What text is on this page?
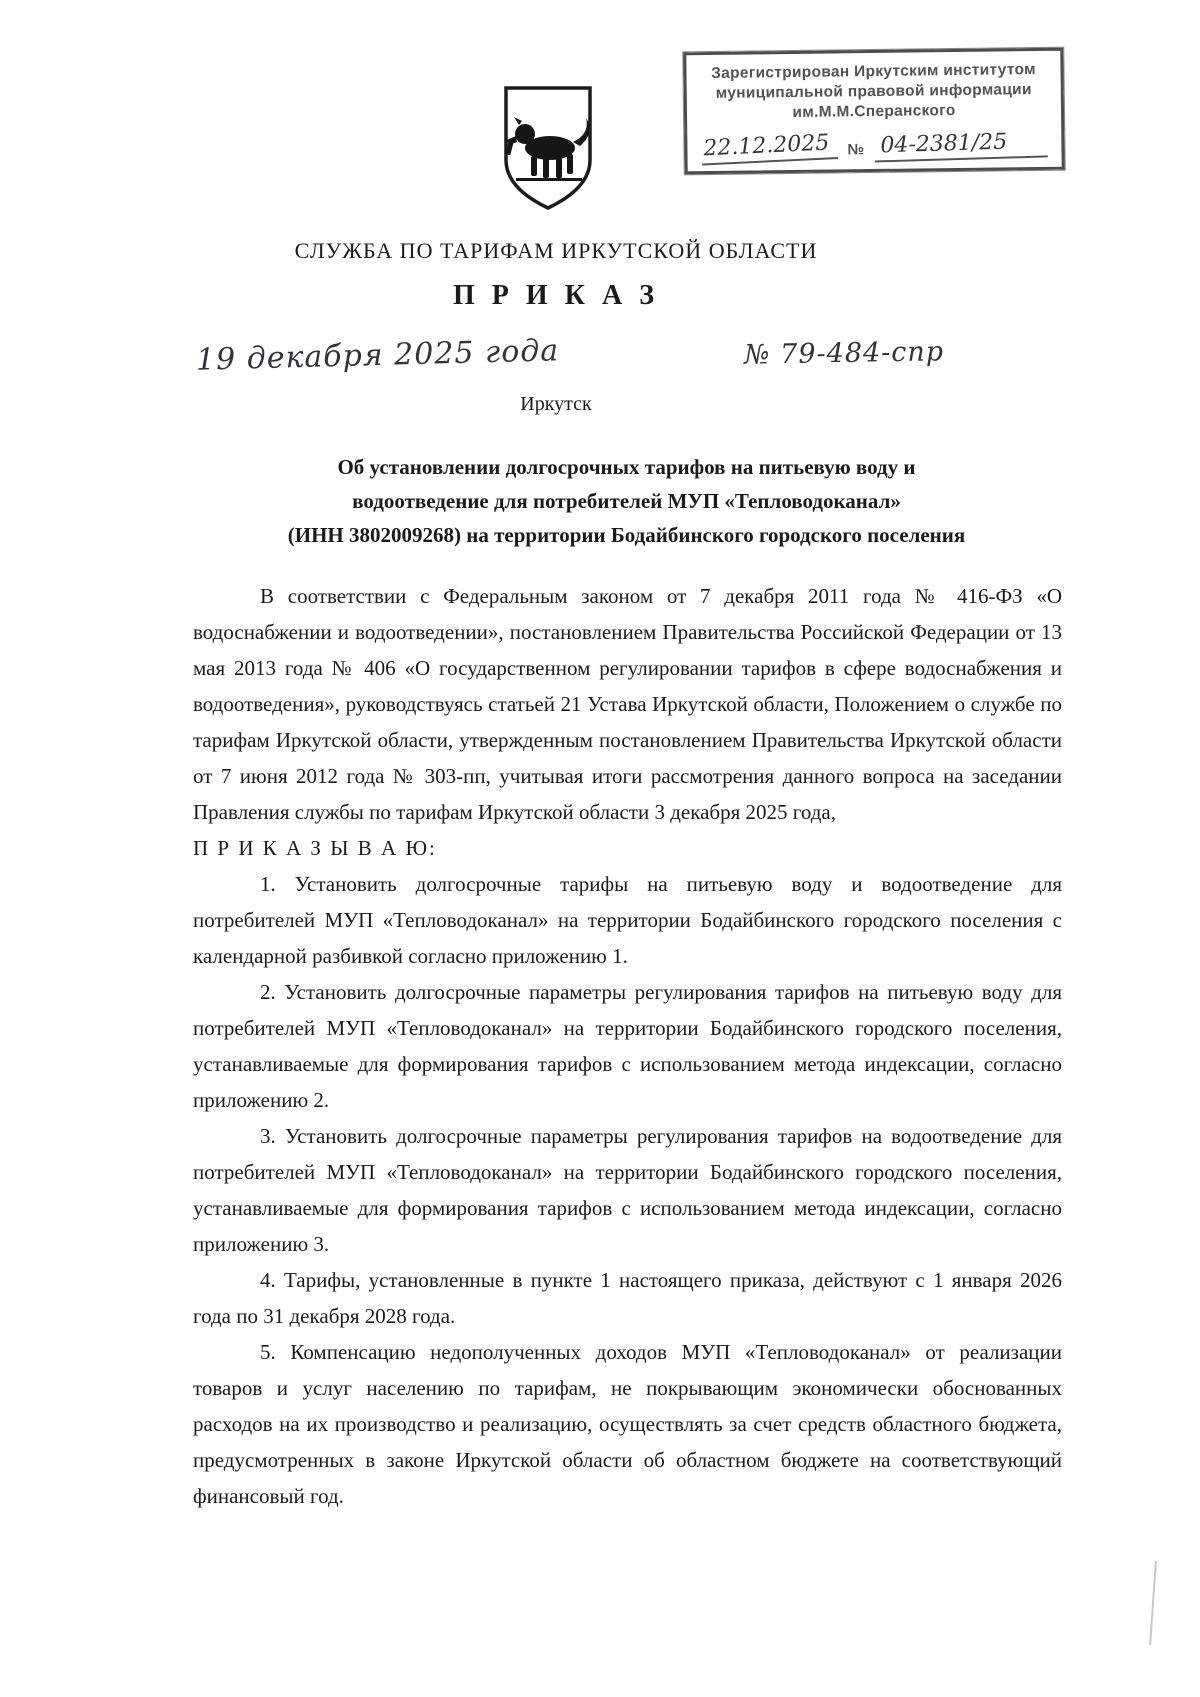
Зарегистрирован Иркутским институтом
муниципальной правовой информации
им.М.М.Сперанского
22.12.2025	№ 04-2381/25
СЛУЖБА ПО ТАРИФАМ ИРКУТСКОЙ ОБЛАСТИ
П Р И К А З
19 декабря 2025 года	№ 79-484-спр
Иркутск
Об установлении долгосрочных тарифов на питьевую воду и
водоотведение для потребителей МУП «Тепловодоканал»
(ИНН 3802009268) на территории Бодайбинского городского поселения

В соответствии с Федеральным законом от 7 декабря 2011 года № 416-ФЗ «О водоснабжении и водоотведении», постановлением Правительства Российской Федерации от 13 мая 2013 года № 406 «О государственном регулировании тарифов в сфере водоснабжения и водоотведения», руководствуясь статьей 21 Устава Иркутской области, Положением о службе по тарифам Иркутской области, утвержденным постановлением Правительства Иркутской области от 7 июня 2012 года № 303-пп, учитывая итоги рассмотрения данного вопроса на заседании Правления службы по тарифам Иркутской области 3 декабря 2025 года,

П Р И К А З Ы В А Ю:

1. Установить долгосрочные тарифы на питьевую воду и водоотведение для потребителей МУП «Тепловодоканал» на территории Бодайбинского городского поселения с календарной разбивкой согласно приложению 1.

2. Установить долгосрочные параметры регулирования тарифов на питьевую воду для потребителей МУП «Тепловодоканал» на территории Бодайбинского городского поселения, устанавливаемые для формирования тарифов с использованием метода индексации, согласно приложению 2.

3. Установить долгосрочные параметры регулирования тарифов на водоотведение для потребителей МУП «Тепловодоканал» на территории Бодайбинского городского поселения, устанавливаемые для формирования тарифов с использованием метода индексации, согласно приложению 3.

4. Тарифы, установленные в пункте 1 настоящего приказа, действуют с 1 января 2026 года по 31 декабря 2028 года.

5. Компенсацию недополученных доходов МУП «Тепловодоканал» от реализации товаров и услуг населению по тарифам, не покрывающим экономически обоснованных расходов на их производство и реализацию, осуществлять за счет средств областного бюджета, предусмотренных в законе Иркутской области об областном бюджете на соответствующий финансовый год.
